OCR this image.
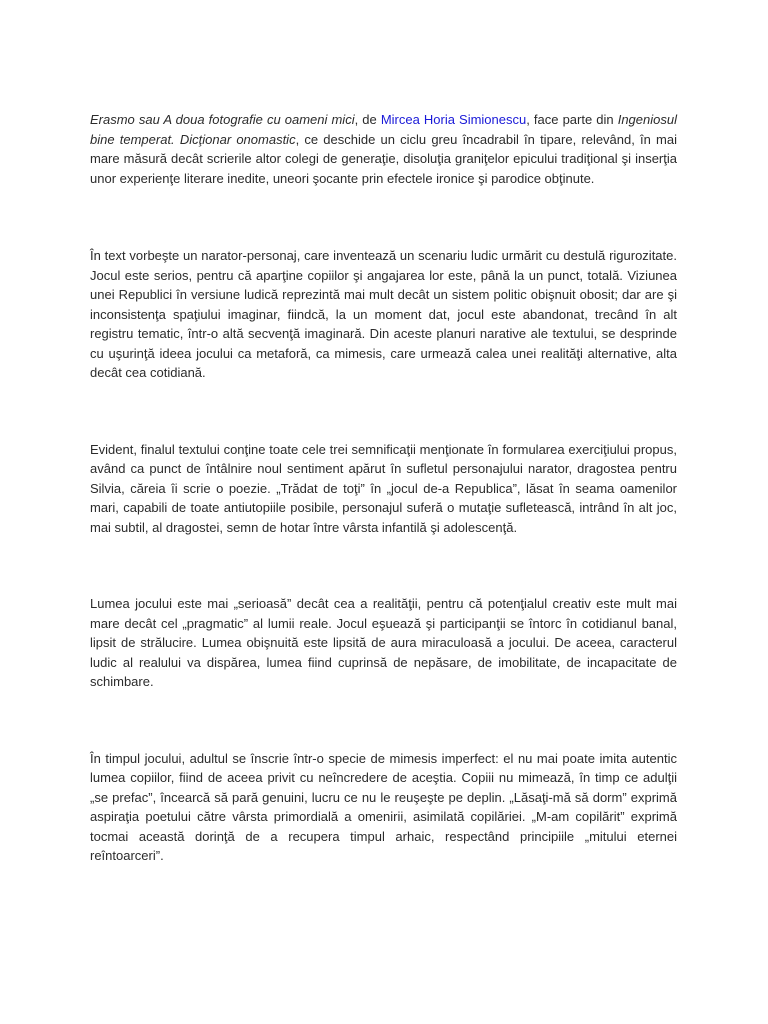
Erasmo sau A doua fotografie cu oameni mici, de Mircea Horia Simionescu, face parte din Ingeniosul bine temperat. Dicţionar onomastic, ce deschide un ciclu greu încadrabil în tipare, relevând, în mai mare măsură decât scrierile altor colegi de generaţie, disoluţia graniţelor epicului tradiţional şi inserţia unor experienţe literare inedite, uneori şocante prin efectele ironice şi parodice obţinute.

În text vorbeşte un narator-personaj, care inventează un scenariu ludic urmărit cu destulă rigurozitate. Jocul este serios, pentru că aparţine copiilor şi angajarea lor este, până la un punct, totală. Viziunea unei Republici în versiune ludică reprezintă mai mult decât un sistem politic obişnuit obosit; dar are şi inconsistenţa spaţiului imaginar, fiindcă, la un moment dat, jocul este abandonat, trecând în alt registru tematic, într-o altă secvenţă imaginară. Din aceste planuri narative ale textului, se desprinde cu uşurinţă ideea jocului ca metaforă, ca mimesis, care urmează calea unei realităţi alternative, alta decât cea cotidiană.

Evident, finalul textului conţine toate cele trei semnificaţii menţionate în formularea exerciţiului propus, având ca punct de întâlnire noul sentiment apărut în sufletul personajului narator, dragostea pentru Silvia, căreia îi scrie o poezie. „Trădat de toţi” în „jocul de-a Republica”, lăsat în seama oamenilor mari, capabili de toate antiutopiile posibile, personajul suferă o mutaţie sufletească, intrând în alt joc, mai subtil, al dragostei, semn de hotar între vârsta infantilă şi adolescenţă.

Lumea jocului este mai „serioasă” decât cea a realităţii, pentru că potenţialul creativ este mult mai mare decât cel „pragmatic” al lumii reale. Jocul eşuează şi participanţii se întorc în cotidianul banal, lipsit de strălucire. Lumea obişnuită este lipsită de aura miraculoasă a jocului. De aceea, caracterul ludic al realului va dispărea, lumea fiind cuprinsă de nepăsare, de imobilitate, de incapacitate de schimbare.

În timpul jocului, adultul se înscrie într-o specie de mimesis imperfect: el nu mai poate imita autentic lumea copiilor, fiind de aceea privit cu neîncredere de aceştia. Copiii nu mimează, în timp ce adulţii „se prefac”, încearcă să pară genuini, lucru ce nu le reuşeşte pe deplin. „Lăsaţi-mă să dorm” exprimă aspiraţia poetului către vârsta primordială a omenirii, asimilată copilăriei. „M-am copilărit” exprimă tocmai această dorinţă de a recupera timpul arhaic, respectând principiile „mitului eternei reîntoarceri”.
